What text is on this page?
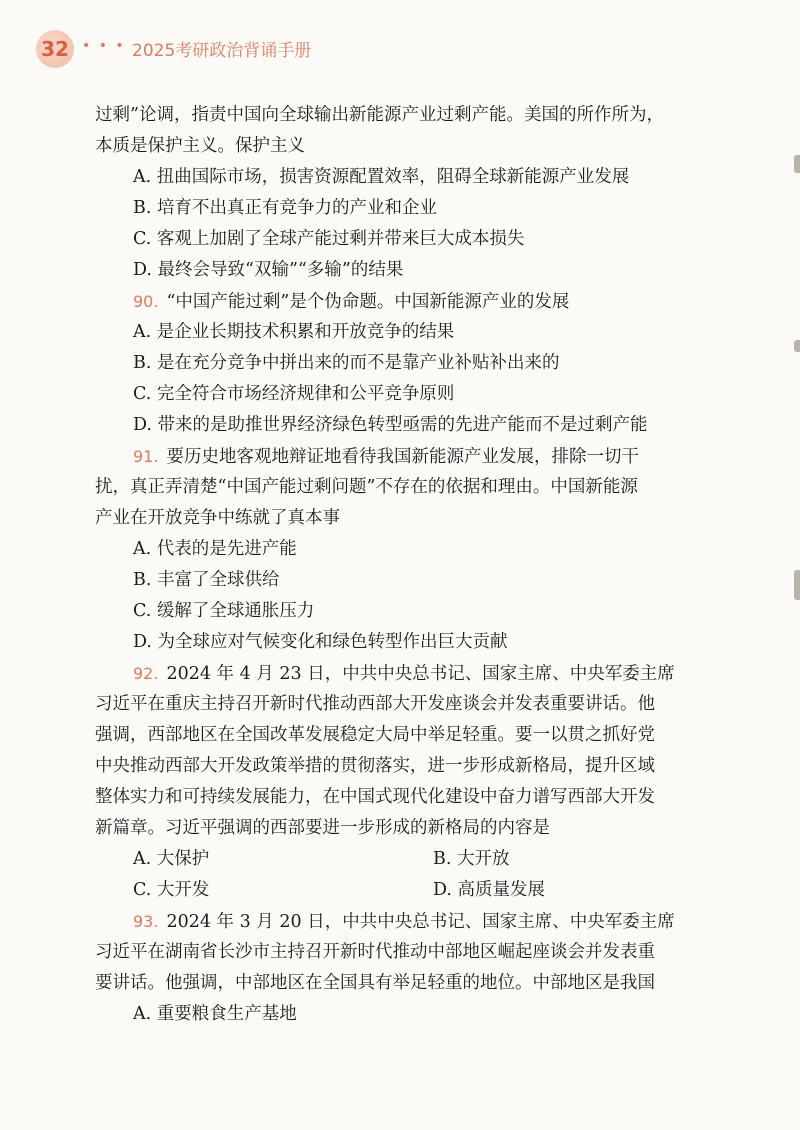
32 • • • 2025考研政治背诵手册
过剩”论调，指责中国向全球输出新能源产业过剩产能。美国的所作所为，
本质是保护主义。保护主义
A. 扭曲国际市场，损害资源配置效率，阻碍全球新能源产业发展
B. 培育不出真正有竞争力的产业和企业
C. 客观上加剧了全球产能过剩并带来巨大成本损失
D. 最终会导致“双输”“多输”的结果
90. “中国产能过剩”是个伪命题。中国新能源产业的发展
A. 是企业长期技术积累和开放竞争的结果
B. 是在充分竞争中拼出来的而不是靠产业补贴补出来的
C. 完全符合市场经济规律和公平竞争原则
D. 带来的是助推世界经济绿色转型亟需的先进产能而不是过剩产能
91. 要历史地客观地辩证地看待我国新能源产业发展，排除一切干
扰，真正弄清楚“中国产能过剩问题”不存在的依据和理由。中国新能源
产业在开放竞争中练就了真本事
A. 代表的是先进产能
B. 丰富了全球供给
C. 缓解了全球通胀压力
D. 为全球应对气候变化和绿色转型作出巨大贡献
92. 2024 年 4 月 23 日，中共中央总书记、国家主席、中央军委主席
习近平在重庆主持召开新时代推动西部大开发座谈会并发表重要讲话。他
强调，西部地区在全国改革发展稳定大局中举足轻重。要一以贯之抓好党
中央推动西部大开发政策举措的贯彻落实，进一步形成新格局，提升区域
整体实力和可持续发展能力，在中国式现代化建设中奋力谱写西部大开发
新篇章。习近平强调的西部要进一步形成的新格局的内容是
A. 大保护	B. 大开放
C. 大开发	D. 高质量发展
93. 2024 年 3 月 20 日，中共中央总书记、国家主席、中央军委主席
习近平在湖南省长沙市主持召开新时代推动中部地区崛起座谈会并发表重
要讲话。他强调，中部地区在全国具有举足轻重的地位。中部地区是我国
A. 重要粮食生产基地
